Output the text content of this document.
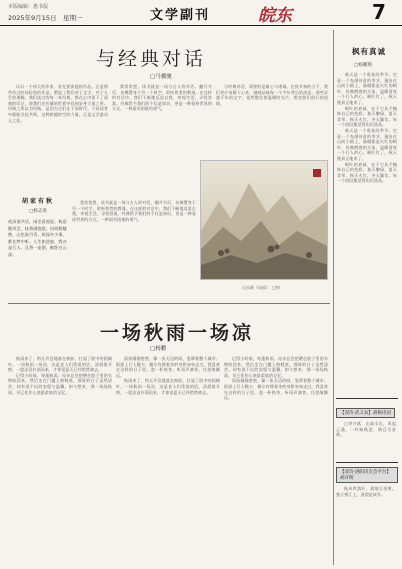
本版编辑：惠书侃
2025年9月15日　星期一	文学副刊	皖东	7
与经典对话
□马骥驰

认识一个伟大的作家，首先要读他的作品。正是那些经过时间检验的作品，塑造了我们对于文学、对于人生的理解。我们读过的每一本经典，都在心中留下了深刻的印记，使我们在纷繁的世界中找到安身立命之所。经典之所以为经典，是因为它们在不同时代、不同读者中都能引起共鸣，这种跨越时空的力量，正是文学最动人之处。

我常常想，读书就是一场与古人的对话。翻开书页，仿佛置身于另一个时空，聆听智者的教诲。在这样的对话中，我们不断地反思自我，审视生活，寻找答案。经典给予我们的不仅是知识，更是一种看待世界的方式，一种面对困难的勇气。

与经典对话，需要的是耐心与虔诚。在快节奏的当下，我们更应该静下心来，细细品味每一个字句背后的深意。那些穿越千年的文字，依然散发着温暖的光芒，照亮我们前行的道路。

我常常想，读书就是一场与古人的对话。翻开书页，仿佛置身于另一个时空，聆听智者的教诲。在这样的对话中，我们不断地反思自我，审视生活，寻找答案。经典给予我们的不仅是知识，更是一种看待世界的方式，一种面对困难的勇气。

胡家有秋
□杨志勇
夜深谁共话，闲坐看流星。秋意随风至，桂香满庭庭。田间稻穗熟，山色染丹青。故园多少事，都在梦中听。人生如逆旅，我亦是行人。且将一壶酒，醉卧白云深。
山水画（局部）　□何
一场秋雨一场凉
□杨鹏

秋雨来了，悄无声息地落在窗前，打湿了院中的梧桐叶。一场秋雨一场凉，这是老人们常说的话。清晨推开窗，一股凉意扑面而来，才惊觉夏天已经悄然离去。

记得小时候，每逢秋雨，母亲总会把晒在院子里的衣物收回来，然后坐在门槛上纳鞋底。那时的日子虽然清苦，却有说不出的安稳与温馨。如今想来，那一场场秋雨，早已化作心底最柔软的记忆。

雨丝细细密密，像一张无边的网，笼罩着整个城市。街道上行人稀少，偶尔有撑着伞的身影匆匆走过。我喜欢在这样的日子里，泡一杯热茶，听雨声滴答，任思绪飘远。

秋雨来了，悄无声息地落在窗前，打湿了院中的梧桐叶。一场秋雨一场凉，这是老人们常说的话。清晨推开窗，一股凉意扑面而来，才惊觉夏天已经悄然离去。

记得小时候，每逢秋雨，母亲总会把晒在院子里的衣物收回来，然后坐在门槛上纳鞋底。那时的日子虽然清苦，却有说不出的安稳与温馨。如今想来，那一场场秋雨，早已化作心底最柔软的记忆。

雨丝细细密密，像一张无边的网，笼罩着整个城市。街道上行人稀少，偶尔有撑着伞的身影匆匆走过。我喜欢在这样的日子里，泡一杯热茶，听雨声滴答，任思绪飘远。

枫有真诚
□杨鹏翔

秋天是一个收获的季节，也是一个充满诗意的季节。漫步在山间小路上，满眼都是火红的枫叶，仿佛燃烧的火焰，温暖着每一个行人的心。枫叶红了，秋天便真正地来了。

枫叶的真诚，在于它从不掩饰自己的色彩。春天嫩绿，夏天青翠，秋天火红，冬天飘零，每一个阶段都活得坦坦荡荡。

秋天是一个收获的季节，也是一个充满诗意的季节。漫步在山间小路上，满眼都是火红的枫叶，仿佛燃烧的火焰，温暖着每一个行人的心。枫叶红了，秋天便真正地来了。

枫叶的真诚，在于它从不掩饰自己的色彩。春天嫩绿，夏天青翠，秋天火红，冬天飘零，每一个阶段都活得坦坦荡荡。

【双诗·武义农】胡杨诗词

□李兴斌　山高水长，风起云涌，一叶知秋意，满目尽金黄。

【双诗·洛阳诗友会平台】胡开明

秋风吹落叶，满地尽金黄。独立寒江上，遥望是故乡。
